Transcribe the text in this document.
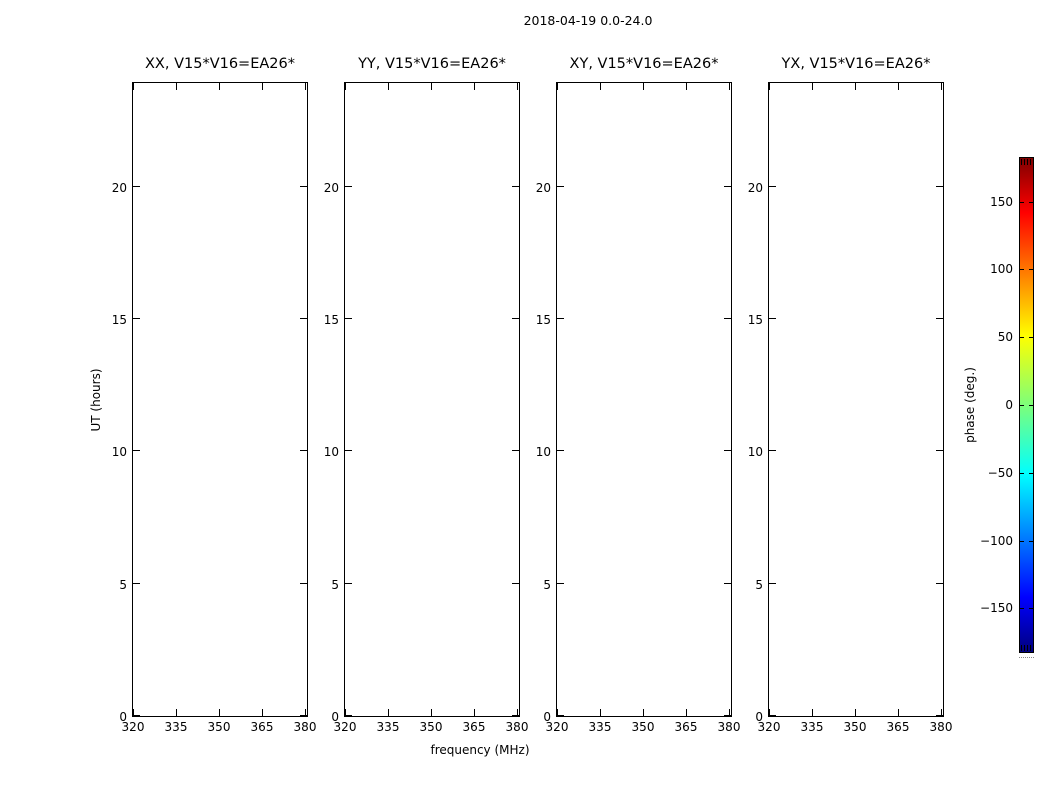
2018-04-19 0.0-24.0
frequency (MHz)
UT (hours)	phase (deg.)
XX, V15*V16=EA26*
320	335	350	365	380
0
5
10
15
20
YY, V15*V16=EA26*
320	335	350	365	380
0
5
10
15
20
XY, V15*V16=EA26*
320	335	350	365	380
0
5
10
15
20
YX, V15*V16=EA26*
320	335	350	365	380
0
5
10
15
20
150
100
50
0
−50
−100
−150
